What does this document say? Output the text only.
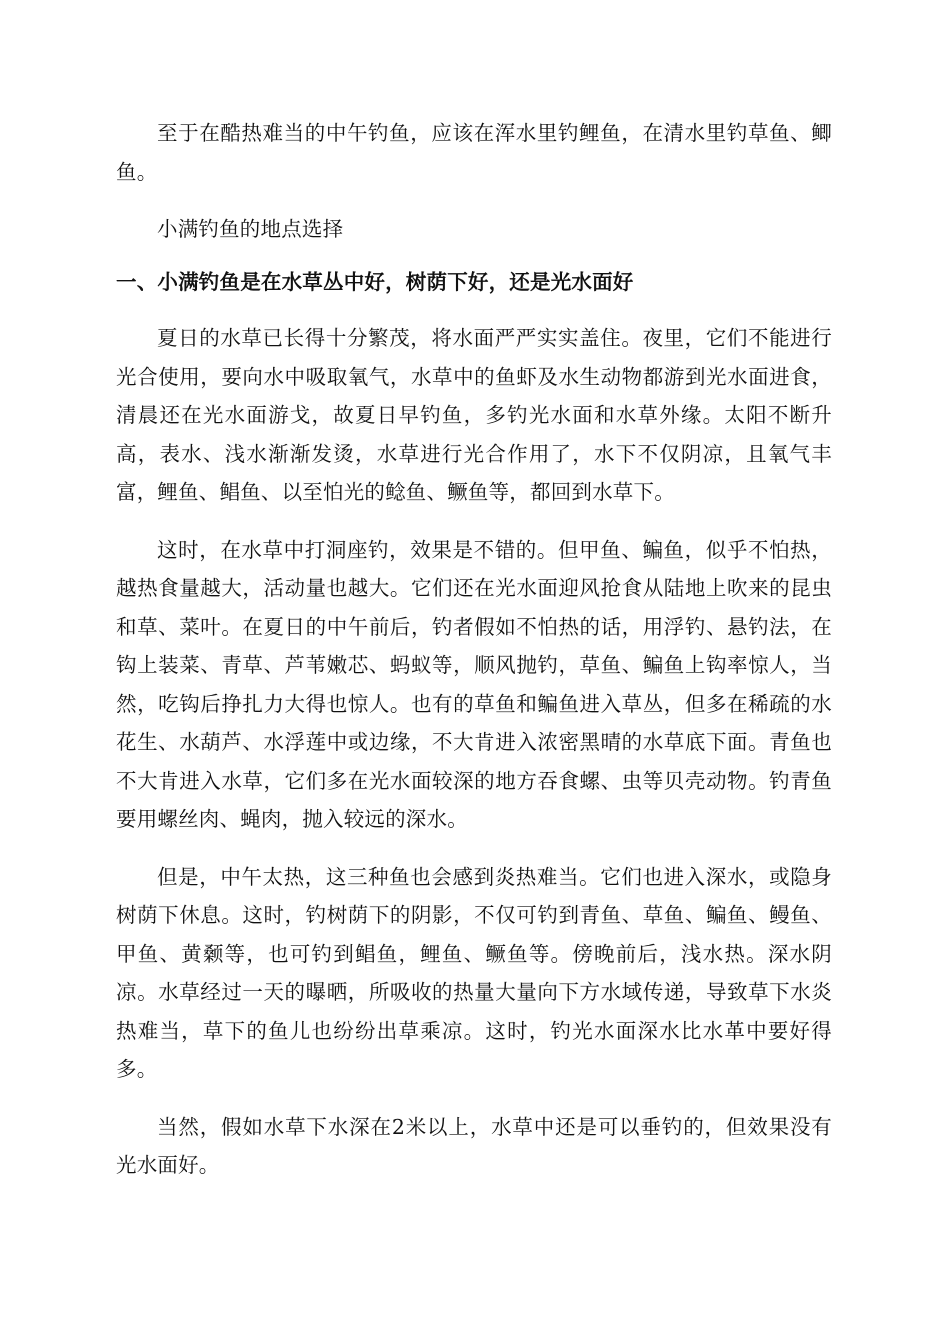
至于在酷热难当的中午钓鱼，应该在浑水里钓鲤鱼，在清水里钓草鱼、鲫鱼。

小满钓鱼的地点选择

一、小满钓鱼是在水草丛中好，树荫下好，还是光水面好

夏日的水草已长得十分繁茂，将水面严严实实盖住。夜里，它们不能进行光合使用，要向水中吸取氧气，水草中的鱼虾及水生动物都游到光水面进食，清晨还在光水面游戈，故夏日早钓鱼，多钓光水面和水草外缘。太阳不断升高，表水、浅水渐渐发烫，水草进行光合作用了，水下不仅阴凉，且氧气丰富，鲤鱼、鲳鱼、以至怕光的鲶鱼、鳜鱼等，都回到水草下。

这时，在水草中打洞座钓，效果是不错的。但甲鱼、鳊鱼，似乎不怕热，越热食量越大，活动量也越大。它们还在光水面迎风抢食从陆地上吹来的昆虫和草、菜叶。在夏日的中午前后，钓者假如不怕热的话，用浮钓、悬钓法，在钩上装菜、青草、芦苇嫩芯、蚂蚁等，顺风抛钓，草鱼、鳊鱼上钩率惊人，当然，吃钩后挣扎力大得也惊人。也有的草鱼和鳊鱼进入草丛，但多在稀疏的水花生、水葫芦、水浮莲中或边缘，不大肯进入浓密黑晴的水草底下面。青鱼也不大肯进入水草，它们多在光水面较深的地方吞食螺、虫等贝壳动物。钓青鱼要用螺丝肉、蝇肉，抛入较远的深水。

但是，中午太热，这三种鱼也会感到炎热难当。它们也进入深水，或隐身树荫下休息。这时，钓树荫下的阴影，不仅可钓到青鱼、草鱼、鳊鱼、鳗鱼、甲鱼、黄颡等，也可钓到鲳鱼，鲤鱼、鳜鱼等。傍晚前后，浅水热。深水阴凉。水草经过一天的曝晒，所吸收的热量大量向下方水域传递，导致草下水炎热难当，草下的鱼儿也纷纷出草乘凉。这时，钓光水面深水比水革中要好得多。

当然，假如水草下水深在2米以上，水草中还是可以垂钓的，但效果没有光水面好。
